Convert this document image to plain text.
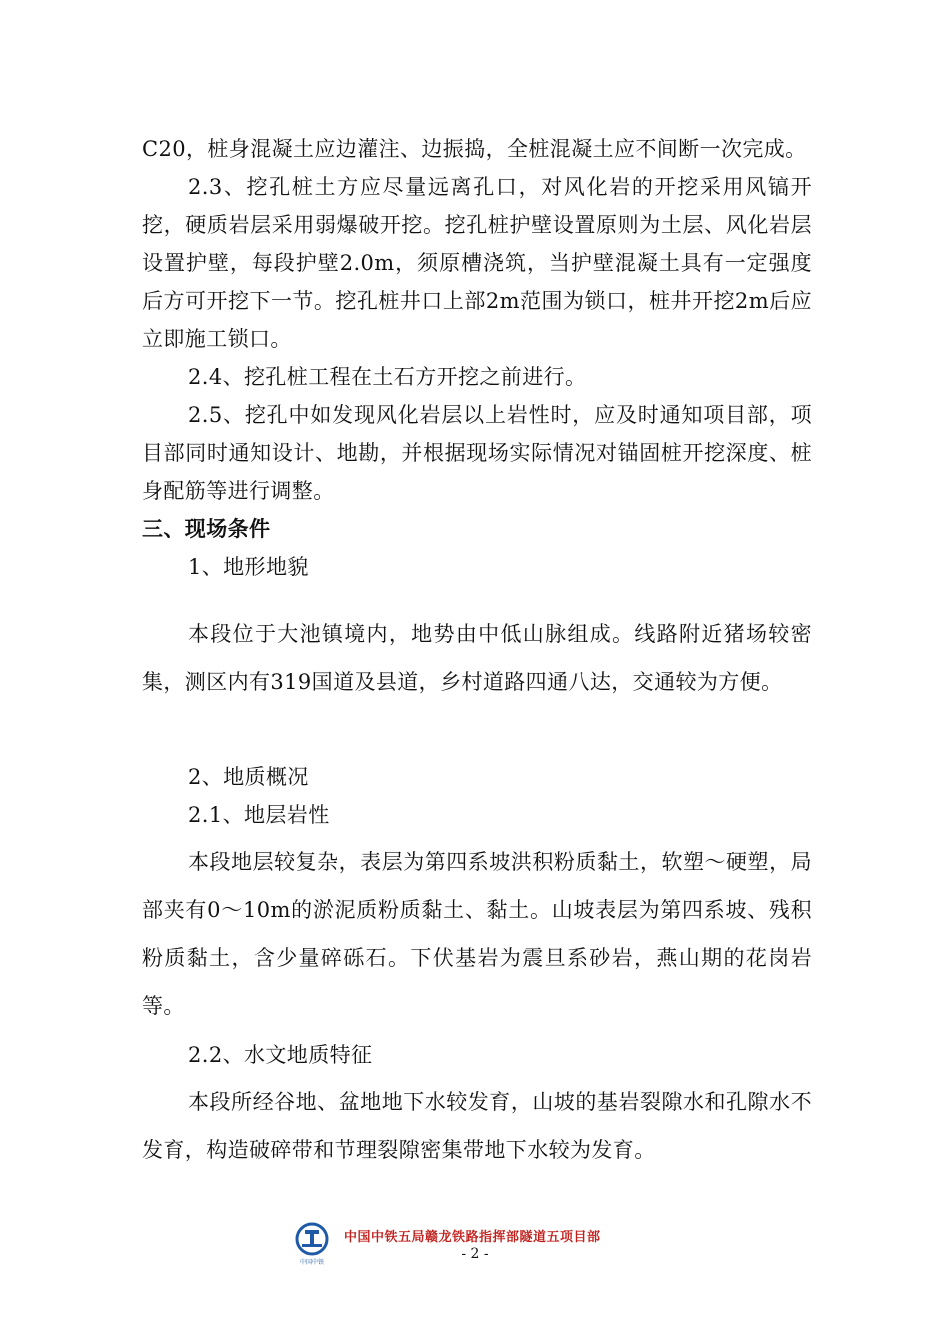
C20，桩身混凝土应边灌注、边振捣，全桩混凝土应不间断一次完成。

2.3、挖孔桩土方应尽量远离孔口，对风化岩的开挖采用风镐开挖，硬质岩层采用弱爆破开挖。挖孔桩护壁设置原则为土层、风化岩层设置护壁，每段护壁2.0m，须原槽浇筑，当护壁混凝土具有一定强度后方可开挖下一节。挖孔桩井口上部2m范围为锁口，桩井开挖2m后应立即施工锁口。

2.4、挖孔桩工程在土石方开挖之前进行。

2.5、挖孔中如发现风化岩层以上岩性时，应及时通知项目部，项目部同时通知设计、地勘，并根据现场实际情况对锚固桩开挖深度、桩身配筋等进行调整。

三、现场条件

1、地形地貌

本段位于大池镇境内，地势由中低山脉组成。线路附近猪场较密集，测区内有319国道及县道，乡村道路四通八达，交通较为方便。

2、地质概况

2.1、地层岩性

本段地层较复杂，表层为第四系坡洪积粉质黏土，软塑～硬塑，局部夹有0～10m的淤泥质粉质黏土、黏土。山坡表层为第四系坡、残积粉质黏土，含少量碎砾石。下伏基岩为震旦系砂岩，燕山期的花岗岩等。

2.2、水文地质特征

本段所经谷地、盆地地下水较发育，山坡的基岩裂隙水和孔隙水不发育，构造破碎带和节理裂隙密集带地下水较为发育。

中国中铁
中国中铁五局赣龙铁路指挥部隧道五项目部
- 2 -
